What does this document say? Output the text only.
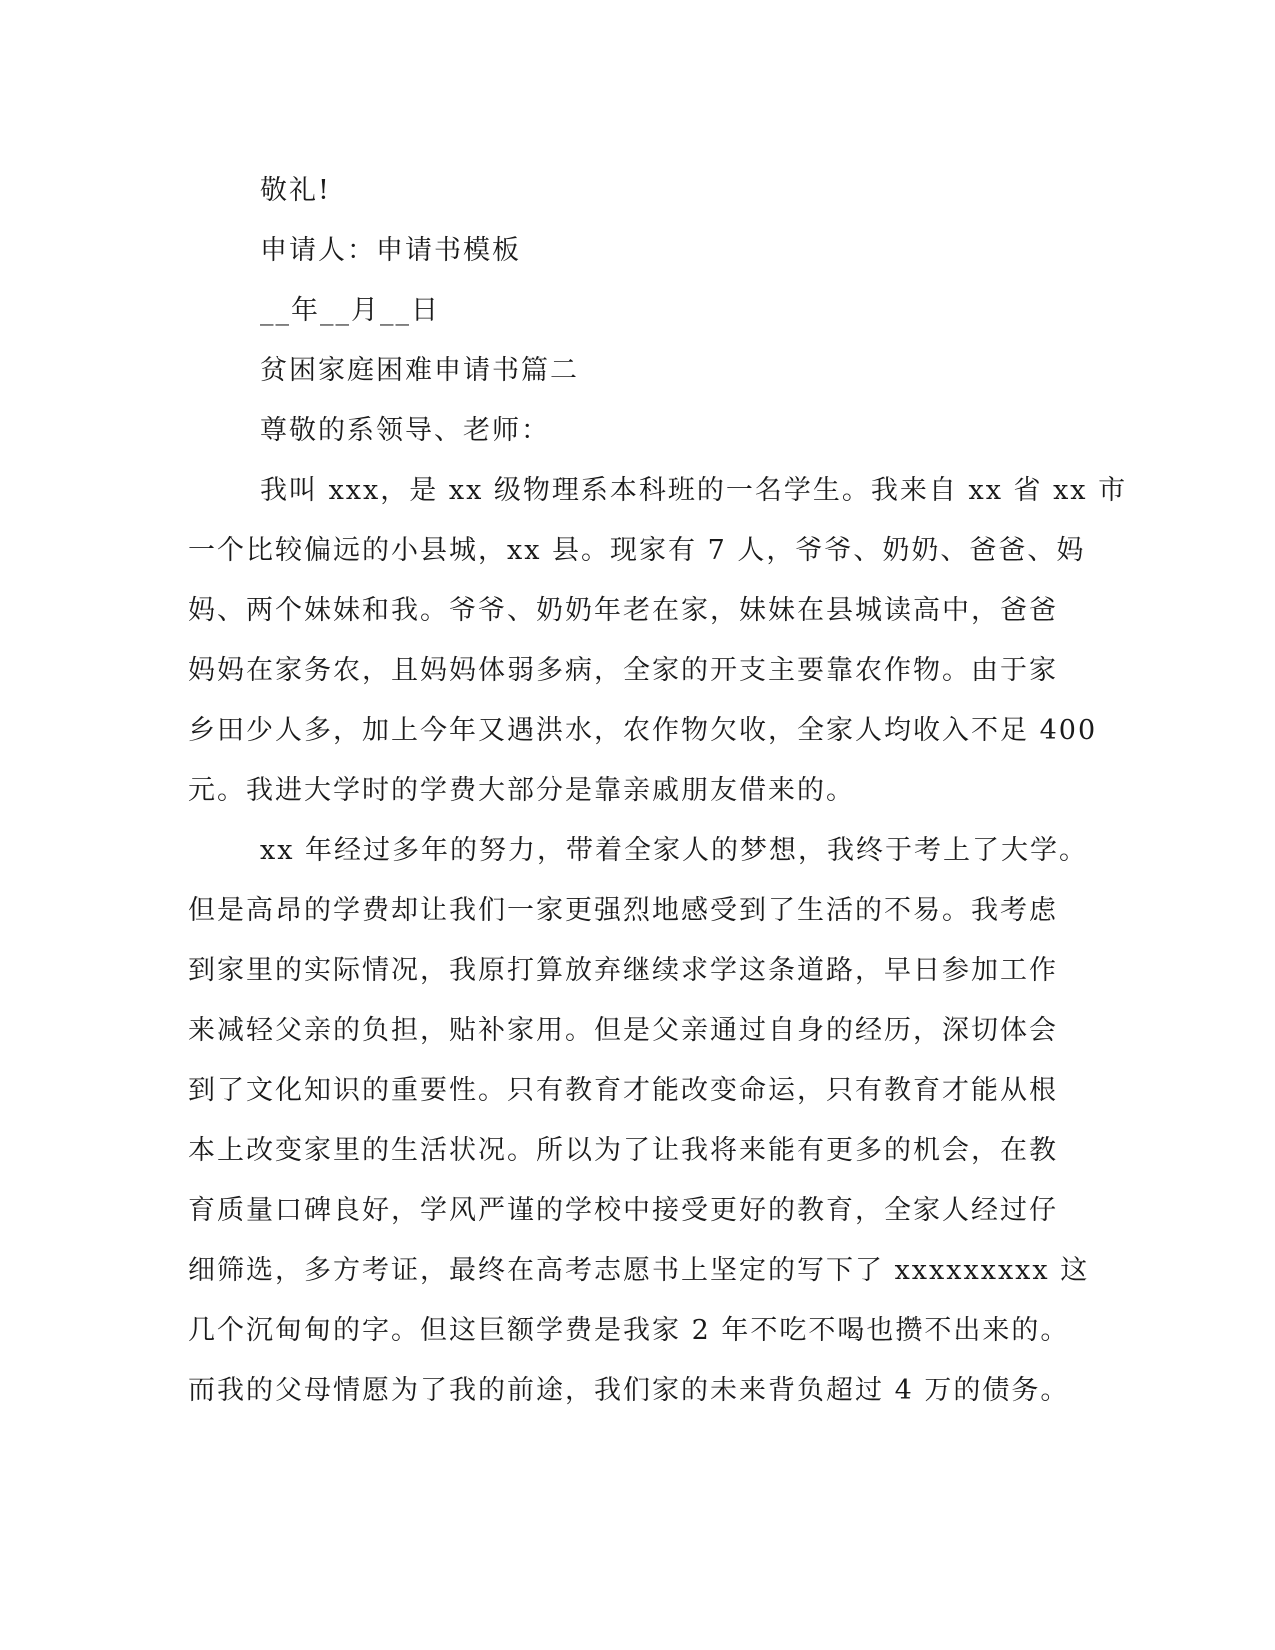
敬礼!
申请人：申请书模板
__年__月__日
贫困家庭困难申请书篇二
尊敬的系领导、老师：
我叫 xxx，是 xx 级物理系本科班的一名学生。我来自 xx 省 xx 市
一个比较偏远的小县城，xx 县。现家有 7 人，爷爷、奶奶、爸爸、妈
妈、两个妹妹和我。爷爷、奶奶年老在家，妹妹在县城读高中，爸爸
妈妈在家务农，且妈妈体弱多病，全家的开支主要靠农作物。由于家
乡田少人多，加上今年又遇洪水，农作物欠收，全家人均收入不足 400
元。我进大学时的学费大部分是靠亲戚朋友借来的。
xx 年经过多年的努力，带着全家人的梦想，我终于考上了大学。
但是高昂的学费却让我们一家更强烈地感受到了生活的不易。我考虑
到家里的实际情况，我原打算放弃继续求学这条道路，早日参加工作
来减轻父亲的负担，贴补家用。但是父亲通过自身的经历，深切体会
到了文化知识的重要性。只有教育才能改变命运，只有教育才能从根
本上改变家里的生活状况。所以为了让我将来能有更多的机会，在教
育质量口碑良好，学风严谨的学校中接受更好的教育，全家人经过仔
细筛选，多方考证，最终在高考志愿书上坚定的写下了 xxxxxxxxx 这
几个沉甸甸的字。但这巨额学费是我家 2 年不吃不喝也攒不出来的。
而我的父母情愿为了我的前途，我们家的未来背负超过 4 万的债务。
